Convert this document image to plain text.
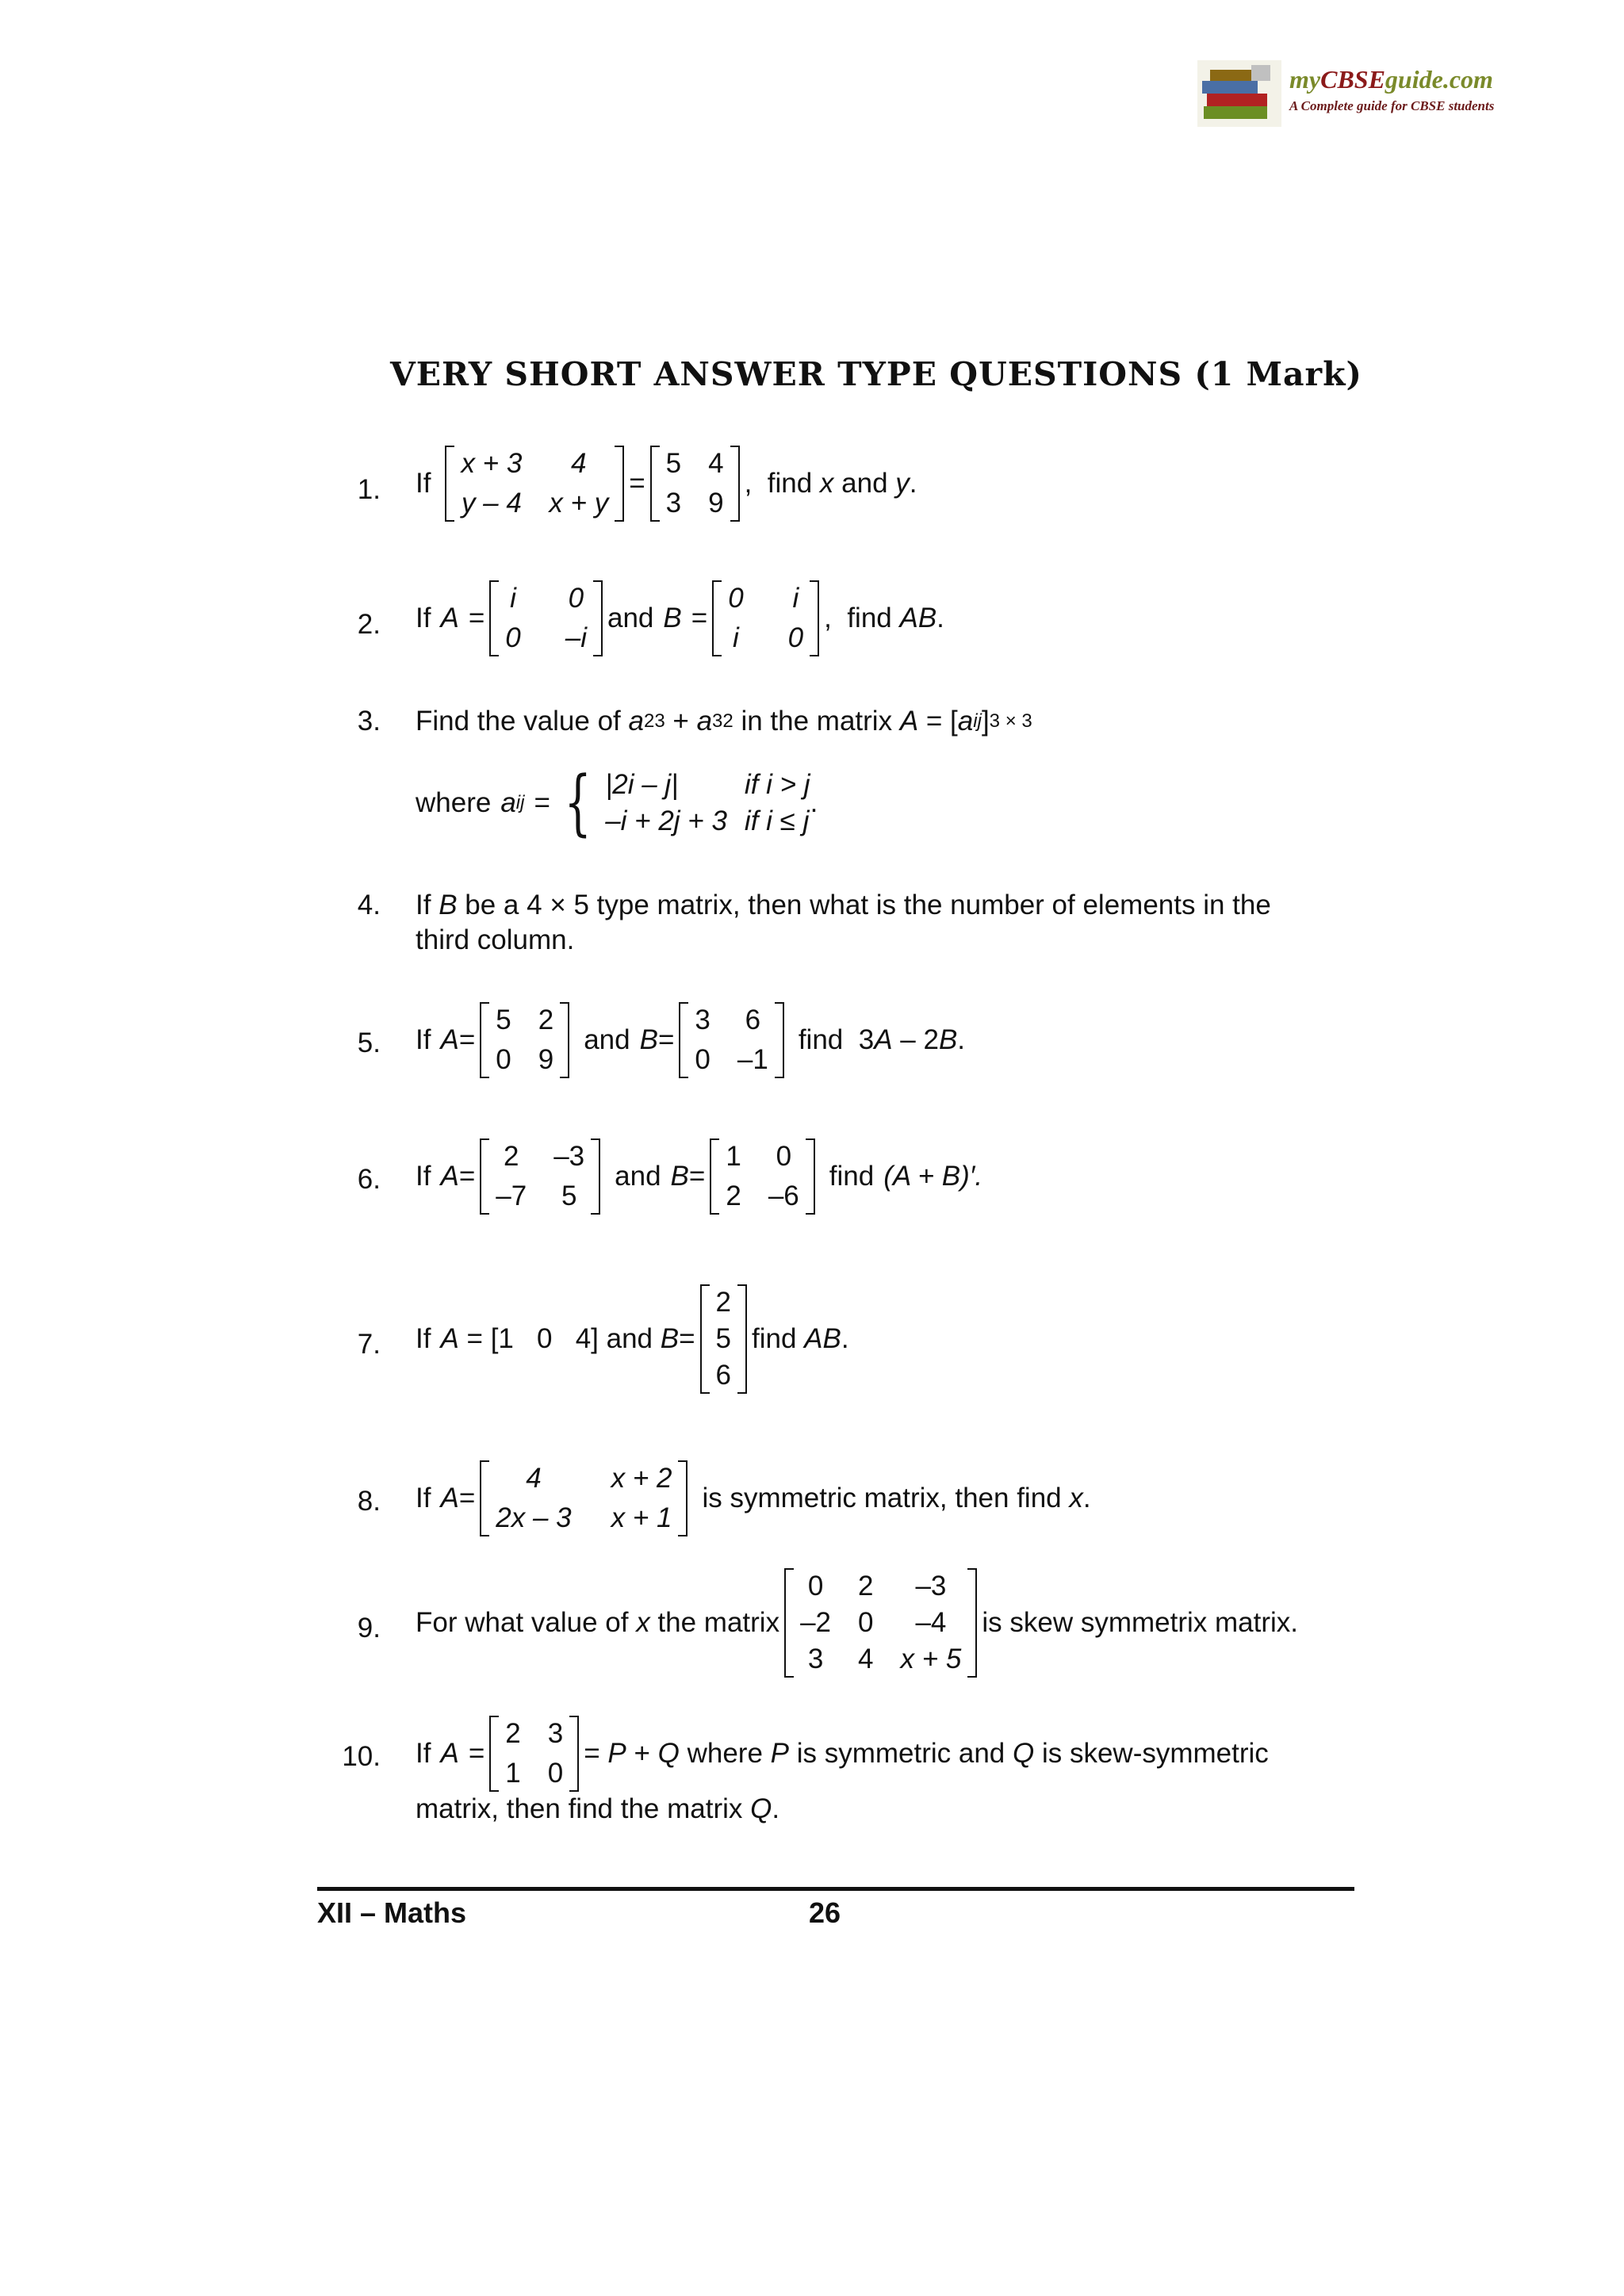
myCBSEguide.com
A Complete guide for CBSE students
VERY SHORT ANSWER TYPE QUESTIONS (1 Mark)
1. If
x + 3	4
y – 4 x + y
=
5 4
3 9
,  find x and y .
2. If A =
i 0
0 –i
and B =
0 i
i 0
,  find AB .
3. Find the value of a 23 + a 32 in the matrix A = [ a ij ] 3 × 3
where a ij = { |2i – j|	if i > j
–i + 2j + 3 if i ≤ j
.
4. If B
be a 4 × 5 type matrix, then what is the number of elements in the
third column.
5. If A =
5 2
0 9
and B =
3 6
0 –1
find  3 A – 2 B .
6. If A =
2 –3
–7 5
and B =
1 0
2 –6
find (A + B)′.
7. If A = [1   0   4] and B =
2
5
6
find AB .
8. If A =
4	x + 2
2x – 3 x + 1
is symmetric matrix, then find x .
9. For what value of x the matrix
0 2	–3
–2 0	–4
3 4 x + 5
is skew symmetrix matrix.
10. If A =
2 3
1 0
= P + Q where P is symmetric and Q is skew-symmetric
matrix, then find the matrix Q .
XII – Maths	26
